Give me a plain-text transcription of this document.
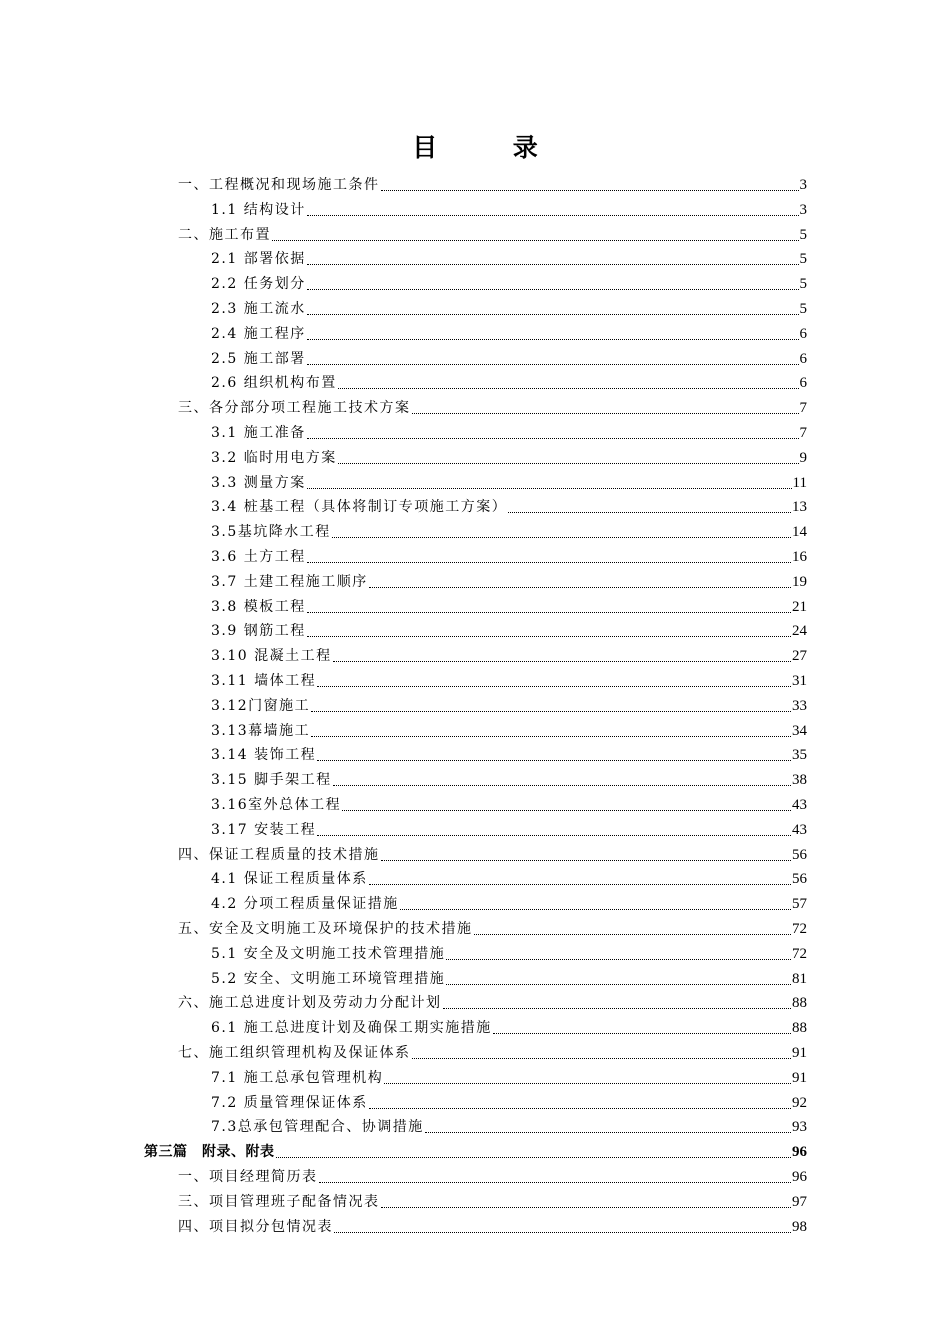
目	录
一、工程概况和现场施工条件	3
1.1 结构设计	3
二、施工布置	5
2.1 部署依据	5
2.2 任务划分	5
2.3 施工流水	5
2.4 施工程序	6
2.5 施工部署	6
2.6 组织机构布置	6
三、各分部分项工程施工技术方案	7
3.1 施工准备	7
3.2 临时用电方案	9
3.3 测量方案	11
3.4 桩基工程（具体将制订专项施工方案）	13
3.5基坑降水工程	14
3.6 土方工程	16
3.7 土建工程施工顺序	19
3.8 模板工程	21
3.9 钢筋工程	24
3.10 混凝土工程	27
3.11 墙体工程	31
3.12门窗施工	33
3.13幕墙施工	34
3.14 装饰工程	35
3.15 脚手架工程	38
3.16室外总体工程	43
3.17 安装工程	43
四、保证工程质量的技术措施	56
4.1 保证工程质量体系	56
4.2 分项工程质量保证措施	57
五、安全及文明施工及环境保护的技术措施	72
5.1 安全及文明施工技术管理措施	72
5.2 安全、文明施工环境管理措施	81
六、施工总进度计划及劳动力分配计划	88
6.1 施工总进度计划及确保工期实施措施	88
七、施工组织管理机构及保证体系	91
7.1 施工总承包管理机构	91
7.2 质量管理保证体系	92
7.3总承包管理配合、协调措施	93
第三篇　附录、附表	96
一、项目经理简历表	96
三、项目管理班子配备情况表	97
四、项目拟分包情况表	98
